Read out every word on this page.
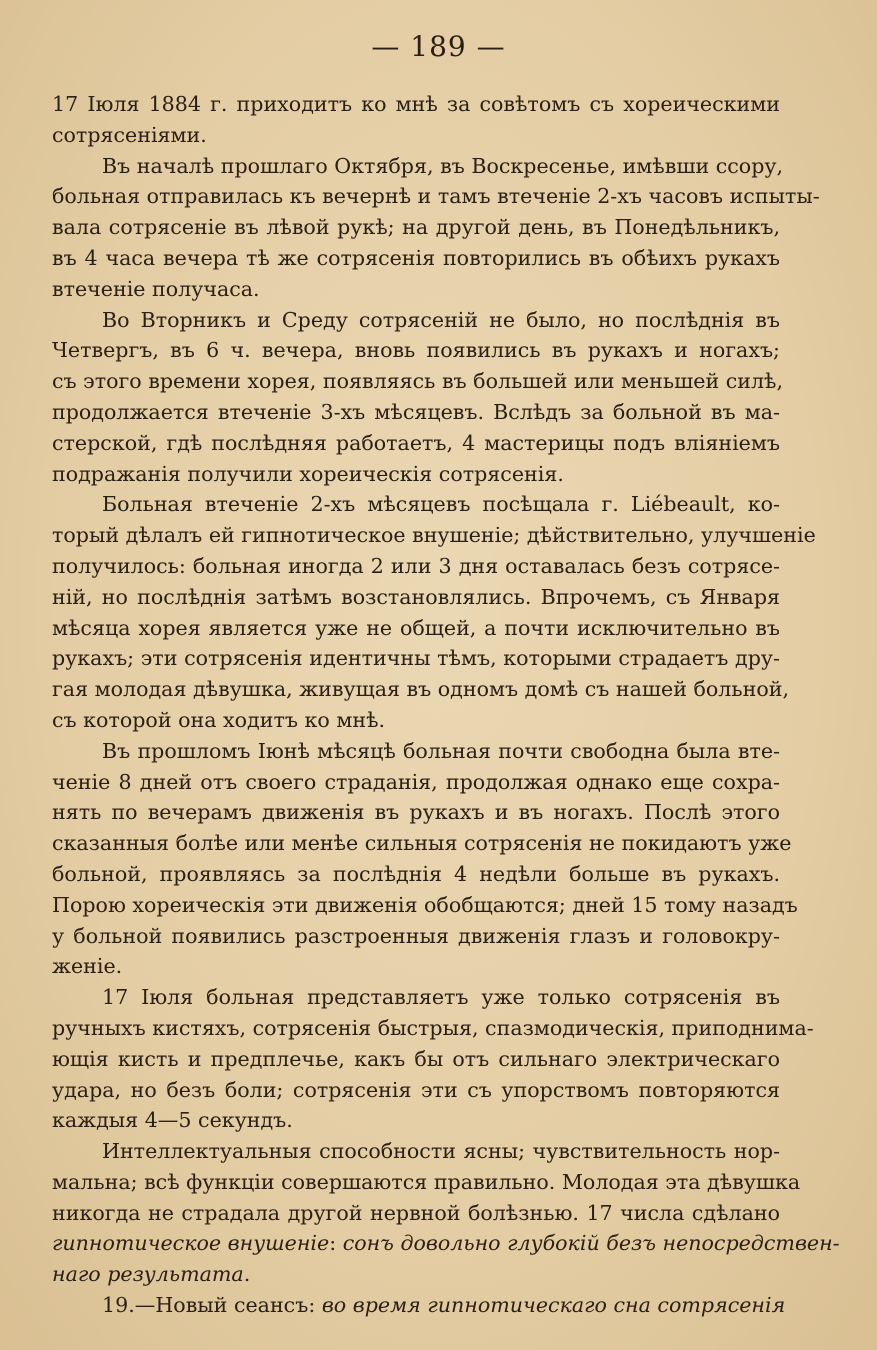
— 189 —
17 Іюля 1884 г. приходитъ ко мнѣ за совѣтомъ съ хореическими
сотрясеніями.
Въ началѣ прошлаго Октября, въ Воскресенье, имѣвши ссору,
больная отправилась къ вечернѣ и тамъ втеченіе 2-хъ часовъ испыты-
вала сотрясеніе въ лѣвой рукѣ; на другой день, въ Понедѣльникъ,
въ 4 часа вечера тѣ же сотрясенія повторились въ обѣихъ рукахъ
втеченіе получаса.
Во Вторникъ и Среду сотрясеній не было, но послѣднія въ
Четвергъ, въ 6 ч. вечера, вновь появились въ рукахъ и ногахъ;
съ этого времени хорея, появляясь въ большей или меньшей силѣ,
продолжается втеченіе 3-хъ мѣсяцевъ. Вслѣдъ за больной въ ма-
стерской, гдѣ послѣдняя работаетъ, 4 мастерицы подъ вліяніемъ
подражанія получили хореическія сотрясенія.
Больная втеченіе 2-хъ мѣсяцевъ посѣщала г. Liébeault, ко-
торый дѣлалъ ей гипнотическое внушеніе; дѣйствительно, улучшеніе
получилось: больная иногда 2 или 3 дня оставалась безъ сотрясе-
ній, но послѣднія затѣмъ возстановлялись. Впрочемъ, съ Января
мѣсяца хорея является уже не общей, а почти исключительно въ
рукахъ; эти сотрясенія идентичны тѣмъ, которыми страдаетъ дру-
гая молодая дѣвушка, живущая въ одномъ домѣ съ нашей больной,
съ которой она ходитъ ко мнѣ.
Въ прошломъ Іюнѣ мѣсяцѣ больная почти свободна была вте-
ченіе 8 дней отъ своего страданія, продолжая однако еще сохра-
нять по вечерамъ движенія въ рукахъ и въ ногахъ. Послѣ этого
сказанныя болѣе или менѣе сильныя сотрясенія не покидаютъ уже
больной, проявляясь за послѣднія 4 недѣли больше въ рукахъ.
Порою хореическія эти движенія обобщаются; дней 15 тому назадъ
у больной появились разстроенныя движенія глазъ и головокру-
женіе.
17 Іюля больная представляетъ уже только сотрясенія въ
ручныхъ кистяхъ, сотрясенія быстрыя, спазмодическія, приподнима-
ющія кисть и предплечье, какъ бы отъ сильнаго электрическаго
удара, но безъ боли; сотрясенія эти съ упорствомъ повторяются
каждыя 4—5 секундъ.
Интеллектуальныя способности ясны; чувствительность нор-
мальна; всѣ функціи совершаются правильно. Молодая эта дѣвушка
никогда не страдала другой нервной болѣзнью. 17 числа сдѣлано
гипнотическое внушеніе: сонъ довольно глубокій безъ непосредствен-
наго результата.
19.—Новый сеансъ: во время гипнотическаго сна сотрясенія
